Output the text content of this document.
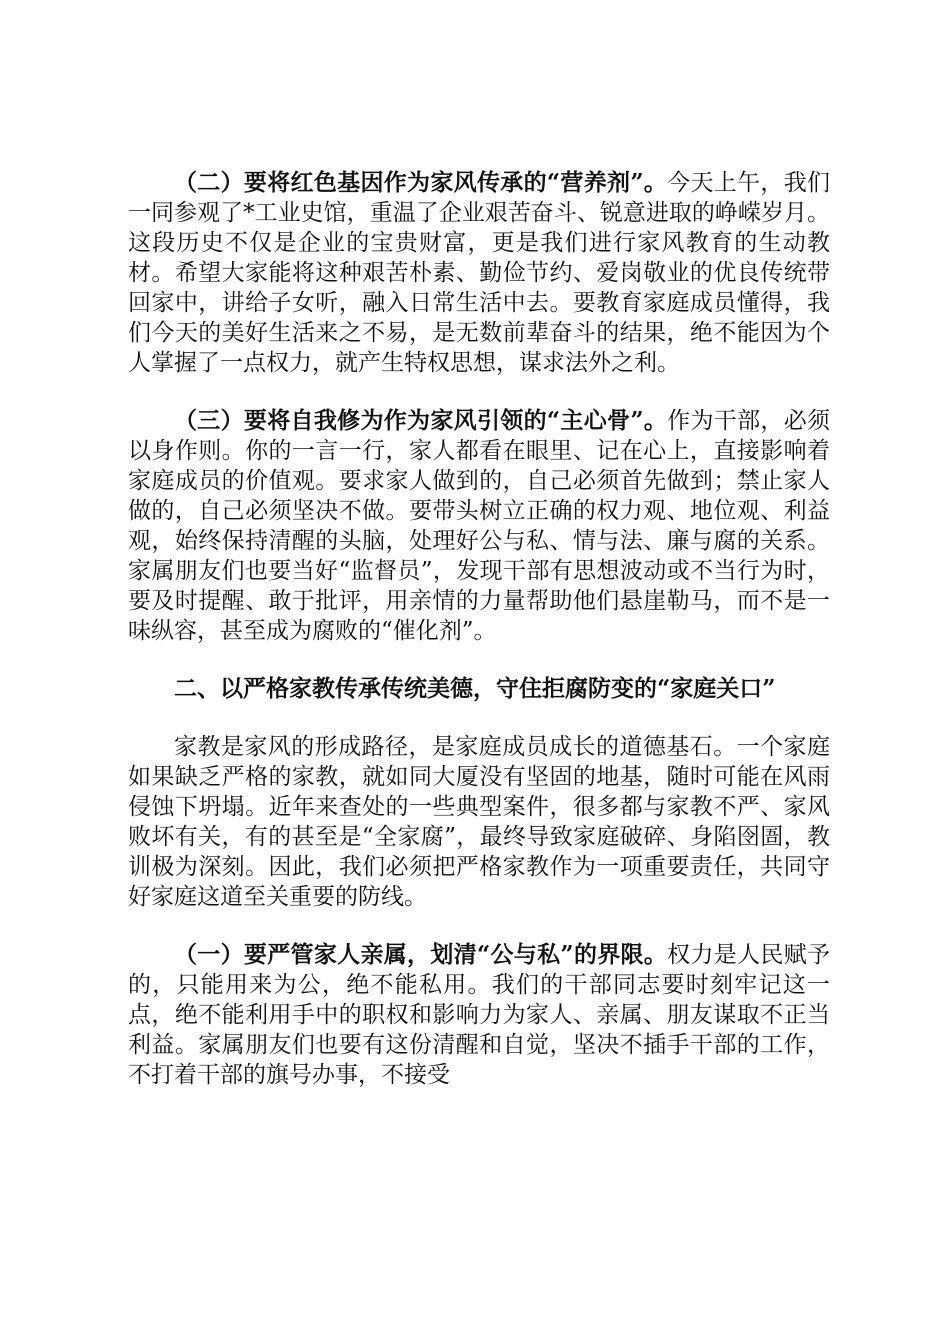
（二）要将红色基因作为家风传承的“营养剂”。今天上午，我们一同参观了*工业史馆，重温了企业艰苦奋斗、锐意进取的峥嵘岁月。这段历史不仅是企业的宝贵财富，更是我们进行家风教育的生动教材。希望大家能将这种艰苦朴素、勤俭节约、爱岗敬业的优良传统带回家中，讲给子女听，融入日常生活中去。要教育家庭成员懂得，我们今天的美好生活来之不易，是无数前辈奋斗的结果，绝不能因为个人掌握了一点权力，就产生特权思想，谋求法外之利。

（三）要将自我修为作为家风引领的“主心骨”。作为干部，必须以身作则。你的一言一行，家人都看在眼里、记在心上，直接影响着家庭成员的价值观。要求家人做到的，自己必须首先做到；禁止家人做的，自己必须坚决不做。要带头树立正确的权力观、地位观、利益观，始终保持清醒的头脑，处理好公与私、情与法、廉与腐的关系。家属朋友们也要当好“监督员”，发现干部有思想波动或不当行为时，要及时提醒、敢于批评，用亲情的力量帮助他们悬崖勒马，而不是一味纵容，甚至成为腐败的“催化剂”。

二、以严格家教传承传统美德，守住拒腐防变的“家庭关口”

家教是家风的形成路径，是家庭成员成长的道德基石。一个家庭如果缺乏严格的家教，就如同大厦没有坚固的地基，随时可能在风雨侵蚀下坍塌。近年来查处的一些典型案件，很多都与家教不严、家风败坏有关，有的甚至是“全家腐”，最终导致家庭破碎、身陷囹圄，教训极为深刻。因此，我们必须把严格家教作为一项重要责任，共同守好家庭这道至关重要的防线。

（一）要严管家人亲属，划清“公与私”的界限。权力是人民赋予的，只能用来为公，绝不能私用。我们的干部同志要时刻牢记这一点，绝不能利用手中的职权和影响力为家人、亲属、朋友谋取不正当利益。家属朋友们也要有这份清醒和自觉，坚决不插手干部的工作，不打着干部的旗号办事，不接受
